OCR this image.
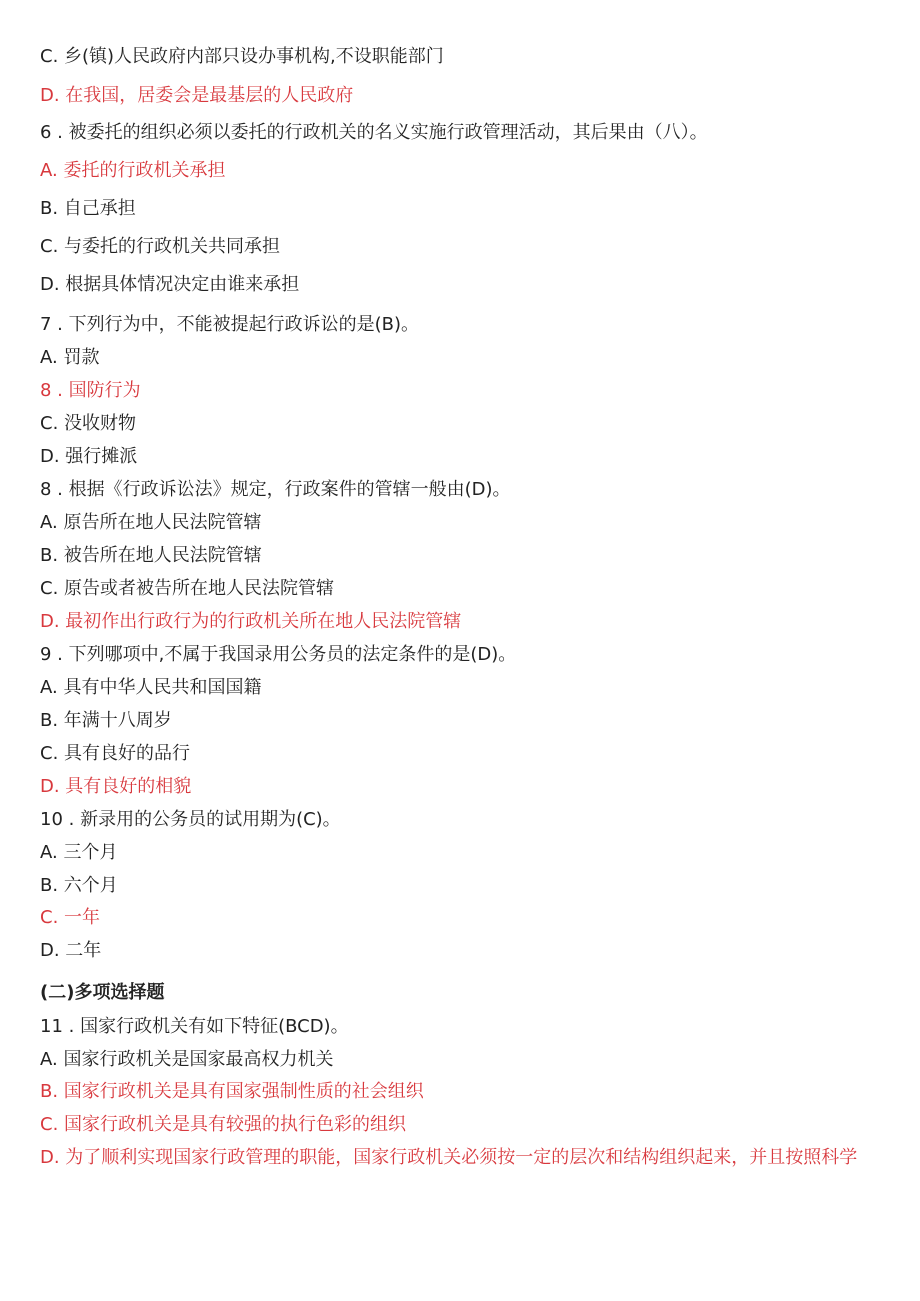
C. 乡(镇)人民政府内部只设办事机构,不设职能部门
D. 在我国，居委会是最基层的人民政府
6 . 被委托的组织必须以委托的行政机关的名义实施行政管理活动，其后果由（八）。
A. 委托的行政机关承担
B. 自己承担
C. 与委托的行政机关共同承担
D. 根据具体情况决定由谁来承担
7 . 下列行为中，不能被提起行政诉讼的是(B)。
A. 罚款
8 . 国防行为
C. 没收财物
D. 强行摊派
8 . 根据《行政诉讼法》规定，行政案件的管辖一般由(D)。
A. 原告所在地人民法院管辖
B. 被告所在地人民法院管辖
C. 原告或者被告所在地人民法院管辖
D. 最初作出行政行为的行政机关所在地人民法院管辖
9 . 下列哪项中,不属于我国录用公务员的法定条件的是(D)。
A. 具有中华人民共和国国籍
B. 年满十八周岁
C. 具有良好的品行
D. 具有良好的相貌
10 . 新录用的公务员的试用期为(C)。
A. 三个月
B. 六个月
C. 一年
D. 二年
(二)多项选择题
11 . 国家行政机关有如下特征(BCD)。
A. 国家行政机关是国家最高权力机关
B. 国家行政机关是具有国家强制性质的社会组织
C. 国家行政机关是具有较强的执行色彩的组织
D. 为了顺利实现国家行政管理的职能，国家行政机关必须按一定的层次和结构组织起来，并且按照科学
